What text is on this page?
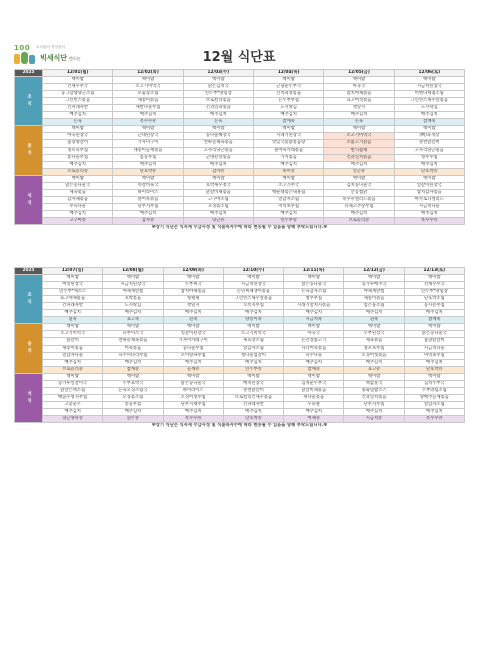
100 조리원의 정성담아
빅세식단 만드는	12월 식단표
2025	12/01(월)	12/02(화)	12/03(수)	12/04(목)	12/05(금)	12/06(토)
조식	백미밥	백미밥	백미밥	백미밥	백미밥	백미밥
	건새우무국	소고기미역국	맑은김치국	근형순두부국	아욱국	시금치된장국
	동그랑땡당근조림	모둠장조림	연두부*양념장	산적피망볶음	참치야채볶음	비엔나케첩조림
	그린빈스볶음	새송이볶음	브로컬리볶음	돈두부무침	표고버섯볶음	그린빈스새우살볶음
	건파래자반	새발나물무침	건과일피볶음	도시락김	깻잎지	도시락김
	배추김치	배추김치	배추김치	배추김치	배추김치	배추김치
	돈육	옥수수쥬	돈육	참깨죽	돈육	참깨죽
중식	백미밥	백미밥	백미밥	백미밥	백미밥	백미밥
	아욱된장국	근대된장국	콩나물해장국	시래기된장국	소고기미역국	(뼈)육개장
	불향양갈비	가자미구이	면하늘채육볶음	맛있국물닭볶음탕	소불고기볶음	춘천닭갈비
	정포묵무침	새송이들깨볶음	고사리당근볶음	볼어묵카레볶음	현식잡채	고사리당근볶음
	통나물무침	봄동무침	근대된장볶음	가지볶음	건과일치볶음	청무무침
	배추김치	배추김치	배추김치	배추김치	배추김치	배추김치
	브로콜리쥬	단호박쥬	감자쥬	흑미쥬	연근쥬	단호박쥬
석식	백미밥	백미밥	백미밥	백미밥	백미밥	백미밥
	맑은콩나물국	떡갈비육국	호박새우젓국	소고기무국	김치콩나물국	얼갈이된장국
	제육볶음	하이라이스	닭갈비채볶음	백순대볶은내볼림	안동찜닭	참치감자볶음
	감자채볶음	볼어묵볶음	고구마조림	얄감자조림	옥수수샐러드볶음	마카로니샐러드
	무숙나물	단무지무침	오징볶조림	미역초무침	유채고추장무침	시금치나물
	배추김치	배추김치	배추김치	배추김치	배추김치	배추김치
	고구마쥬	감자쥬	당근쥬	연두부쥬	브로콜리쥬	옥수수쥬
※상기 식단은 식자재 수급사정 및 식품특자수에 따라 변동될 수 있음을 양해 부탁드립니다.※						
2025	12/07(일)	12/08(월)	12/09(화)	12/10(수)	12/11(목)	12/12(금)	12/13(토)
조식	백미밥	백미밥	백미밥	백미밥	백미밥	백미밥	백미밥
	버섯된장국	시금치된장국	두부찌국	시금치된장국	맑은콩나물국	콩가루배추국	건새우무국
	연두부*깨소스	야채계란찜	참치야채볶음	돈민찌채생이볶음	돈육감자조림	야채계란찜	연두부*양념장
	표고야채볶음	호박볶음	청평채	그린빈스새우살볶음	청무무침	새송이볶음	단호박조림
	건파래자반	도시락김	깻잎지	오복지무침	시래기멸치지볶음	엄은풍조림	동시뜰무침
	배추김치	배추김치	배추김치	배추김치	배추김치	배추김치	배추김치
	흰죽	표고죽	흰죽	양송이죽	시금치죽	흰죽	참깨죽
중식	백미밥	백미밥	백미밥	백미밥	백미밥	백미밥	백미밥
	소고기미역국	유부미소국	얼갈이된장국	소고기미역국	아욱국	두부된장국	맑은콩나물국
	닭갈비	면따놀채육볶음	가자미카레구이	제육장조림	돈간장불고기	제육볶음	불향닭갈비
	새송이볶음	어묵볶음	콩나물무침	얄감자조림	사각어묵볶음	정포묵무침	시금치나물
	얄감자나물	숙주미나리무침	오이양파무침	청나물엄갈이	숙주나물	오징어젓볶음	미역초무침
	배추김치	배추김치	배추김치	배추김치	배추김치	배추김치	배추김치
	브로콜리쥬	참깨쥬	들깨쥬	연두부쥬	참깨쥬	표고쥬	단호박쥬
석식	백미밥	백미밥	백미밥	백미밥	백미밥	백미밥	백미밥
	콩가루얼갈이국	두부호박국	맑은콩나물국	배치된장국	김치순두부국	백합뭇국	김치두부국
	닭갈은맥조림	돈육오징조림국	하이라이스	춘천닭갈비	닭갈비채볶음	중화덮밥소스	두부양념조림
	매콤우엉지무침	오징볶조림	오징어젓무침	브로컬리건새우볶음	쥐나물볶음	건과일치볶음	양배추들깨볶음
	고용숯쿠	봉동무침	단무지채무침	건파래자반	우피클	단무지무침	얄감자조림
	배추김치	배추김치	배추김치	배추김치	배추김치	배추김치	배추김치
	당근양파쥬	흰두쥬	옥수수쥬	단호박쥬	여체쥬	시금치쥬	옥수수쥬
※상기 식단은 식자재 수급사정 및 식품특자수에 따라 변동될 수 있음을 양해 부탁드립니다.※							
